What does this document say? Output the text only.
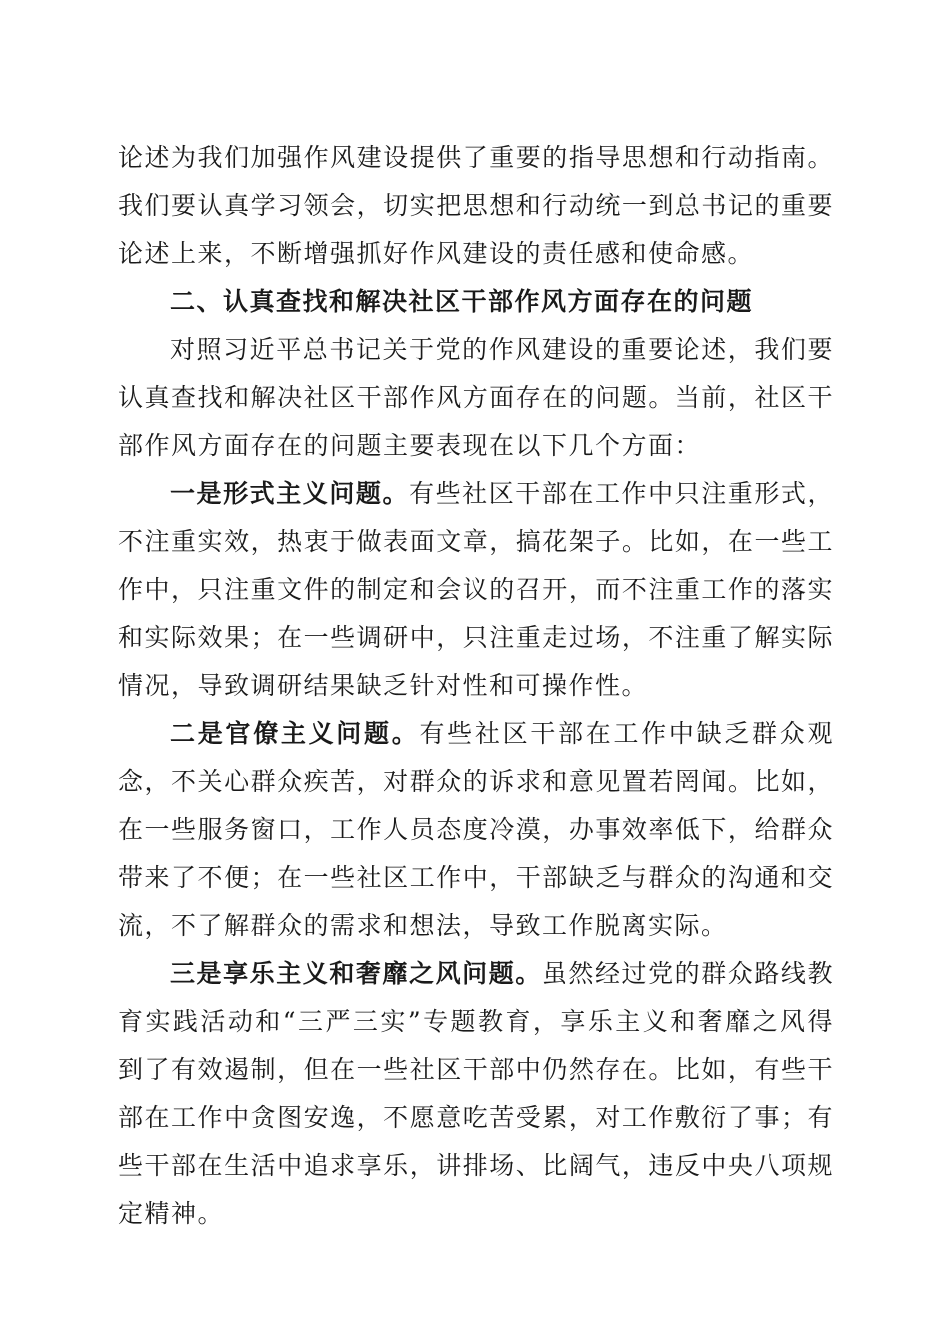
论述为我们加强作风建设提供了重要的指导思想和行动指南。我们要认真学习领会，切实把思想和行动统一到总书记的重要论述上来，不断增强抓好作风建设的责任感和使命感。

二、认真查找和解决社区干部作风方面存在的问题

对照习近平总书记关于党的作风建设的重要论述，我们要认真查找和解决社区干部作风方面存在的问题。当前，社区干部作风方面存在的问题主要表现在以下几个方面：

一是形式主义问题。有些社区干部在工作中只注重形式，不注重实效，热衷于做表面文章，搞花架子。比如，在一些工作中，只注重文件的制定和会议的召开，而不注重工作的落实和实际效果；在一些调研中，只注重走过场，不注重了解实际情况，导致调研结果缺乏针对性和可操作性。

二是官僚主义问题。有些社区干部在工作中缺乏群众观念，不关心群众疾苦，对群众的诉求和意见置若罔闻。比如，在一些服务窗口，工作人员态度冷漠，办事效率低下，给群众带来了不便；在一些社区工作中，干部缺乏与群众的沟通和交流，不了解群众的需求和想法，导致工作脱离实际。

三是享乐主义和奢靡之风问题。虽然经过党的群众路线教育实践活动和“三严三实”专题教育，享乐主义和奢靡之风得到了有效遏制，但在一些社区干部中仍然存在。比如，有些干部在工作中贪图安逸，不愿意吃苦受累，对工作敷衍了事；有些干部在生活中追求享乐，讲排场、比阔气，违反中央八项规定精神。
